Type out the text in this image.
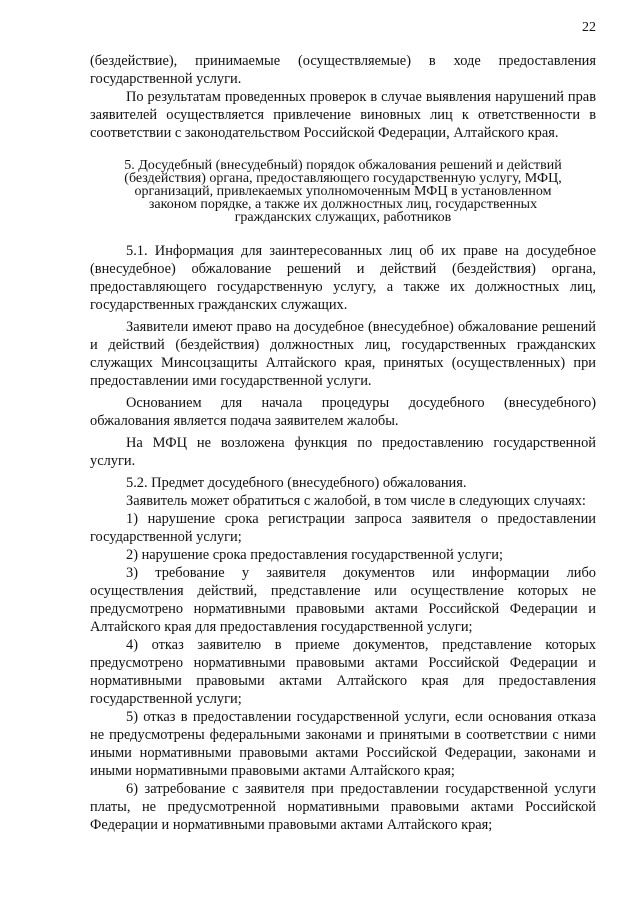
22

(бездействие), принимаемые (осуществляемые) в ходе предоставления государственной услуги.

По результатам проведенных проверок в случае выявления нарушений прав заявителей осуществляется привлечение виновных лиц к ответственности в соответствии с законодательством Российской Федерации, Алтайского края.

5. Досудебный (внесудебный) порядок обжалования решений и действий (бездействия) органа, предоставляющего государственную услугу, МФЦ, организаций, привлекаемых уполномоченным МФЦ в установленном законом порядке, а также их должностных лиц, государственных гражданских служащих, работников

5.1. Информация для заинтересованных лиц об их праве на досудебное (внесудебное) обжалование решений и действий (бездействия) органа, предоставляющего государственную услугу, а также их должностных лиц, государственных гражданских служащих.

Заявители имеют право на досудебное (внесудебное) обжалование решений и действий (бездействия) должностных лиц, государственных гражданских служащих Минсоцзащиты Алтайского края, принятых (осуществленных) при предоставлении ими государственной услуги.

Основанием для начала процедуры досудебного (внесудебного) обжалования является подача заявителем жалобы.

На МФЦ не возложена функция по предоставлению государственной услуги.

5.2. Предмет досудебного (внесудебного) обжалования.

Заявитель может обратиться с жалобой, в том числе в следующих случаях:

1) нарушение срока регистрации запроса заявителя о предоставлении государственной услуги;

2) нарушение срока предоставления государственной услуги;

3) требование у заявителя документов или информации либо осуществления действий, представление или осуществление которых не предусмотрено нормативными правовыми актами Российской Федерации и Алтайского края для предоставления государственной услуги;

4) отказ заявителю в приеме документов, представление которых предусмотрено нормативными правовыми актами Российской Федерации и нормативными правовыми актами Алтайского края для предоставления государственной услуги;

5) отказ в предоставлении государственной услуги, если основания отказа не предусмотрены федеральными законами и принятыми в соответствии с ними иными нормативными правовыми актами Российской Федерации, законами и иными нормативными правовыми актами Алтайского края;

6) затребование с заявителя при предоставлении государственной услуги платы, не предусмотренной нормативными правовыми актами Российской Федерации и нормативными правовыми актами Алтайского края;
